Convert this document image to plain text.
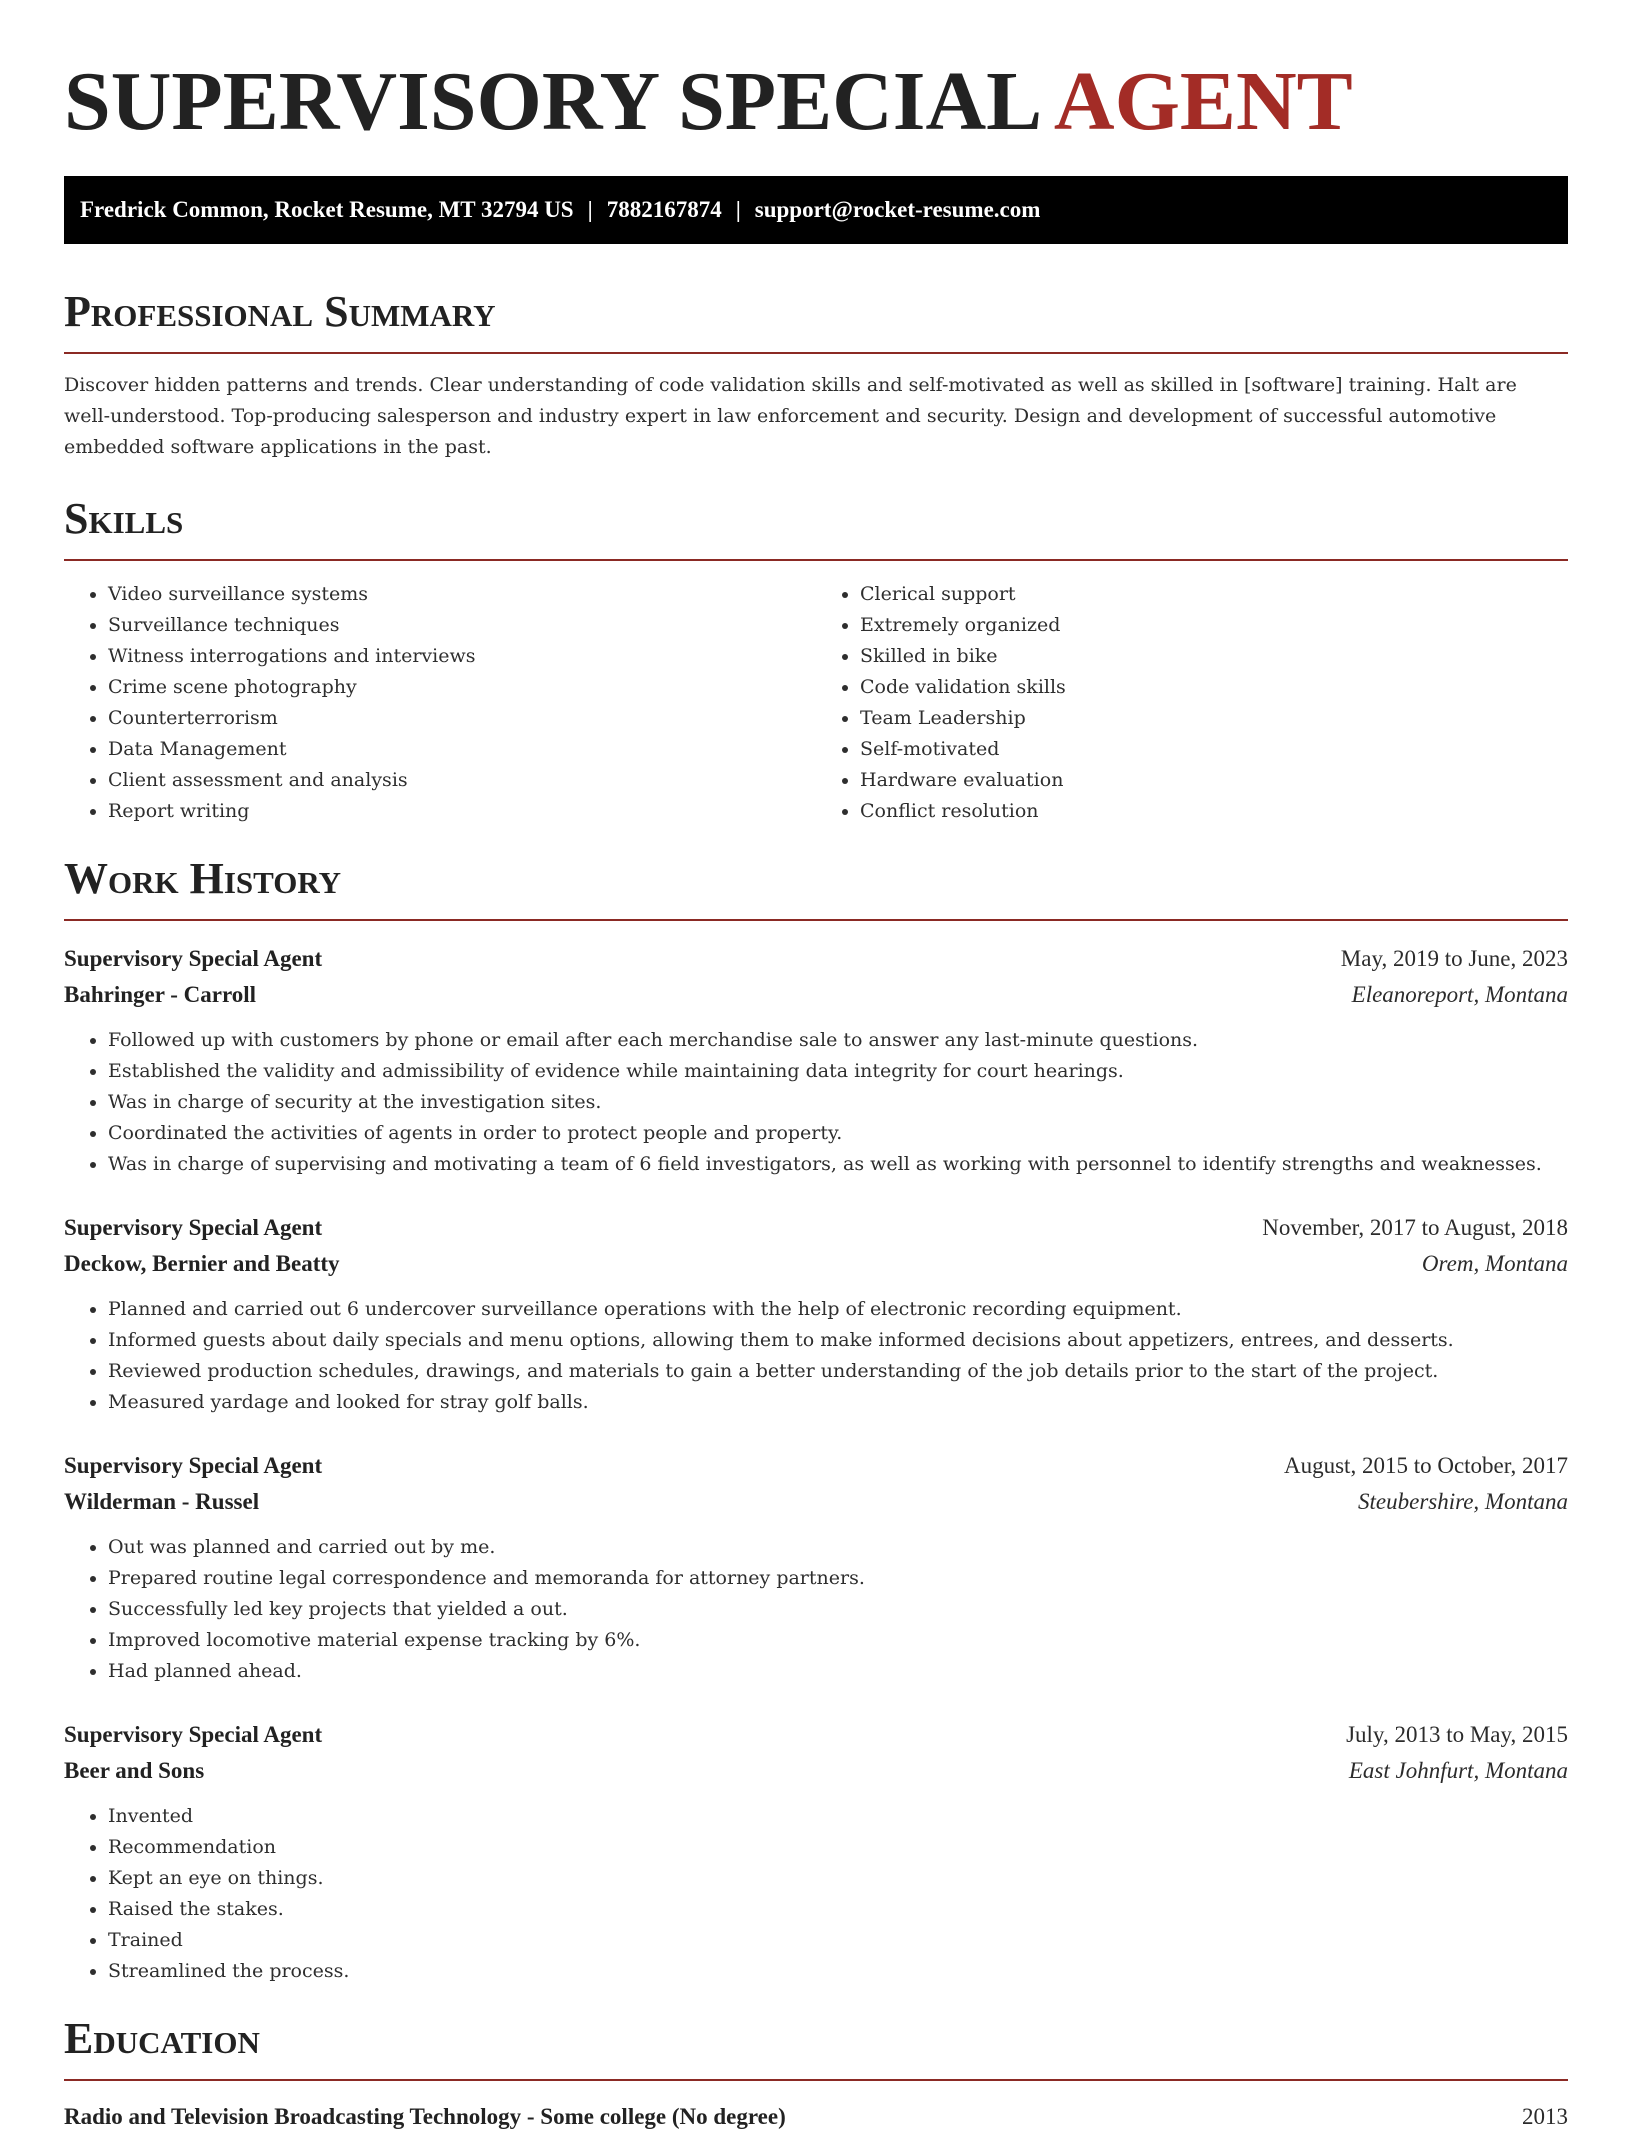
SUPERVISORY SPECIAL AGENT
Fredrick Common, Rocket Resume, MT 32794 US | 7882167874 | support@rocket-resume.com
Professional Summary

Discover hidden patterns and trends. Clear understanding of code validation skills and self-motivated as well as skilled in [software] training. Halt are well-understood. Top-producing salesperson and industry expert in law enforcement and security. Design and development of successful automotive embedded software applications in the past.

Skills
• Video surveillance systems
• Surveillance techniques
• Witness interrogations and interviews
• Crime scene photography
• Counterterrorism
• Data Management
• Client assessment and analysis
• Report writing
• Clerical support
• Extremely organized
• Skilled in bike
• Code validation skills
• Team Leadership
• Self-motivated
• Hardware evaluation
• Conflict resolution
Work History
Supervisory Special Agent	May, 2019 to June, 2023
Bahringer - Carroll	Eleanoreport, Montana
• Followed up with customers by phone or email after each merchandise sale to answer any last-minute questions.
• Established the validity and admissibility of evidence while maintaining data integrity for court hearings.
• Was in charge of security at the investigation sites.
• Coordinated the activities of agents in order to protect people and property.
• Was in charge of supervising and motivating a team of 6 field investigators, as well as working with personnel to identify strengths and weaknesses.
Supervisory Special Agent	November, 2017 to August, 2018
Deckow, Bernier and Beatty	Orem, Montana
• Planned and carried out 6 undercover surveillance operations with the help of electronic recording equipment.
• Informed guests about daily specials and menu options, allowing them to make informed decisions about appetizers, entrees, and desserts.
• Reviewed production schedules, drawings, and materials to gain a better understanding of the job details prior to the start of the project.
• Measured yardage and looked for stray golf balls.
Supervisory Special Agent	August, 2015 to October, 2017
Wilderman - Russel	Steubershire, Montana
• Out was planned and carried out by me.
• Prepared routine legal correspondence and memoranda for attorney partners.
• Successfully led key projects that yielded a out.
• Improved locomotive material expense tracking by 6%.
• Had planned ahead.
Supervisory Special Agent	July, 2013 to May, 2015
Beer and Sons	East Johnfurt, Montana
• Invented
• Recommendation
• Kept an eye on things.
• Raised the stakes.
• Trained
• Streamlined the process.
Education
Radio and Television Broadcasting Technology - Some college (No degree)	2013
